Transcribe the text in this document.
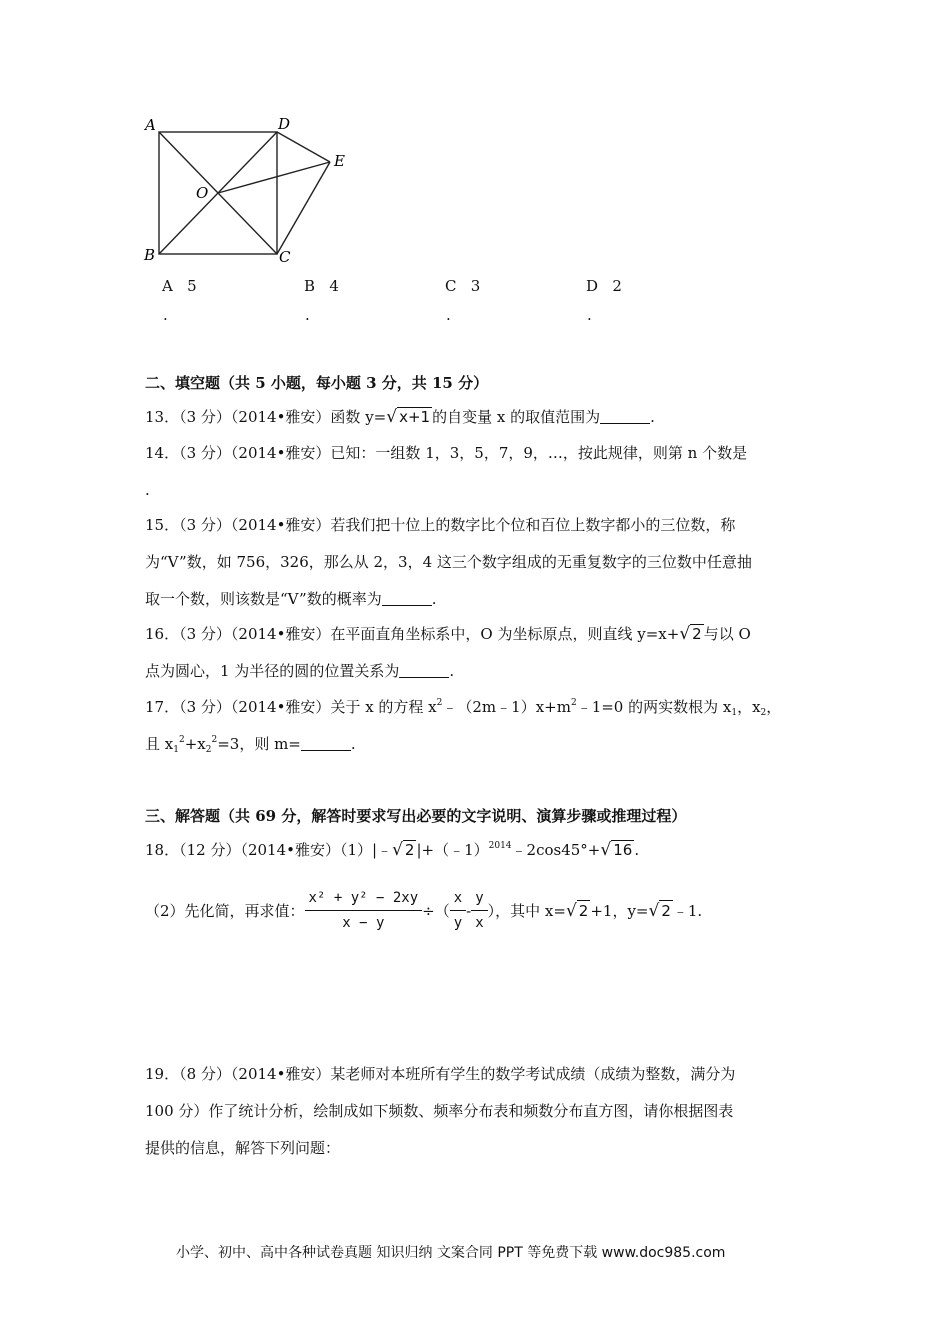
A	D
E
O
B	C
A 5
.
B 4
.
C 3
.
D 2
.
二、填空题（共 5 小题，每小题 3 分，共 15 分）
13．（3 分）（2014•雅安）函数 y=√ x+1 的自变量 x 的取值范围为	.
14．（3 分）（2014•雅安）已知：一组数 1，3，5，7，9，…，按此规律，则第 n 个数是
.
15．（3 分）（2014•雅安）若我们把十位上的数字比个位和百位上数字都小的三位数，称
为“V”数，如 756，326，那么从 2，3，4 这三个数字组成的无重复数字的三位数中任意抽
取一个数，则该数是“V”数的概率为	.
16．（3 分）（2014•雅安）在平面直角坐标系中，O 为坐标原点，则直线 y=x+√ 2 与以 O
点为圆心，1 为半径的圆的位置关系为	.
17．（3 分）（2014•雅安）关于 x 的方程 $x^2﹣(2m﹣1)x+m^2﹣1=0$ 的两实数根为 $x_1$，$x_2$，
且 $x_1^2+x_2^2=3$，则 m=	.
三、解答题（共 69 分，解答时要求写出必要的文字说明、演算步骤或推理过程）
18．（12 分）（2014•雅安）（1）|﹣√ 2 |+（﹣1）$^{2014}$﹣2cos45°+√ 16 .
（2）先化简，再求值： $\frac{\text{x² + y² − 2xy}}{x - y}$ ÷（ $\frac{x}{y} - \frac{y}{x}$ ），其中 x= √ 2 +1，y= √ 2 ﹣1.
19．（8 分）（2014•雅安）某老师对本班所有学生的数学考试成绩（成绩为整数，满分为
100 分）作了统计分析，绘制成如下频数、频率分布表和频数分布直方图，请你根据图表
提供的信息，解答下列问题：
小学、初中、高中各种试卷真题 知识归纳 文案合同 PPT 等免费下载 www.doc985.com
